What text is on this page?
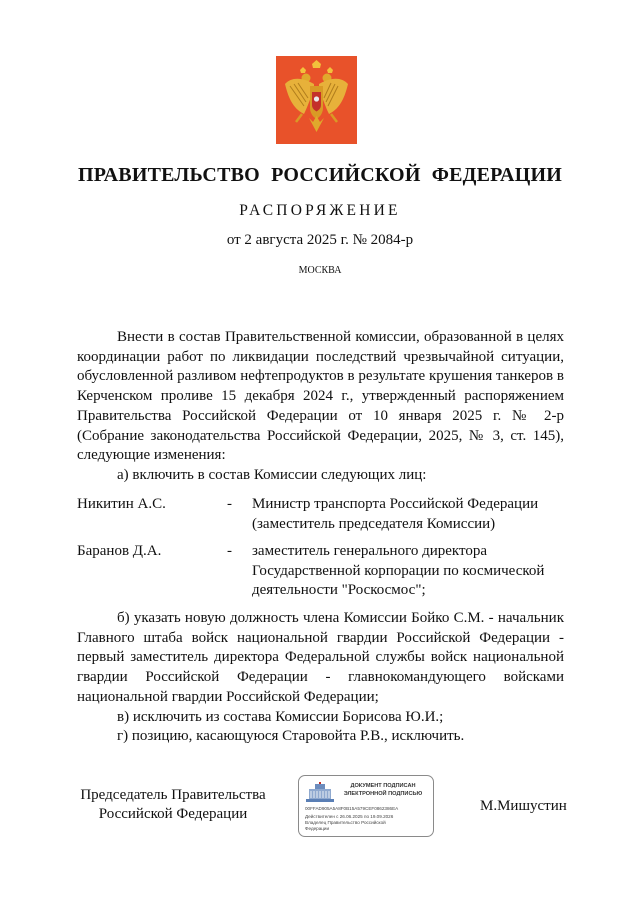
ПРАВИТЕЛЬСТВО РОССИЙСКОЙ ФЕДЕРАЦИИ
РАСПОРЯЖЕНИЕ
от 2 августа 2025 г. № 2084-р
МОСКВА

Внести в состав Правительственной комиссии, образованной в целях координации работ по ликвидации последствий чрезвычайной ситуации, обусловленной разливом нефтепродуктов в результате крушения танкеров в Керченском проливе 15 декабря 2024 г., утвержденный распоряжением Правительства Российской Федерации от 10 января 2025 г. № 2-р (Собрание законодательства Российской Федерации, 2025, № 3, ст. 145), следующие изменения:

а) включить в состав Комиссии следующих лиц:

Никитин А.С.	- Министр транспорта Российской Федерации (заместитель председателя Комиссии)
Баранов Д.А.	- заместитель генерального директора Государственной корпорации по космической деятельности "Роскосмос";

б) указать новую должность члена Комиссии Бойко С.М. - начальник Главного штаба войск национальной гвардии Российской Федерации - первый заместитель директора Федеральной службы войск национальной гвардии Российской Федерации - главнокомандующего войсками национальной гвардии Российской Федерации;

в) исключить из состава Комиссии Борисова Ю.И.;

г) позицию, касающуюся Старовойта Р.В., исключить.

Председатель Правительства Российской Федерации
ДОКУМЕНТ ПОДПИСАН ЭЛЕКТРОННОЙ ПОДПИСЬЮ
00FFAD905A5A8F0B15A579CEF0862386EA
Действителен с 26.06.2025 по 19.09.2026
Владелец Правительство Российской
Федерации
М.Мишустин
